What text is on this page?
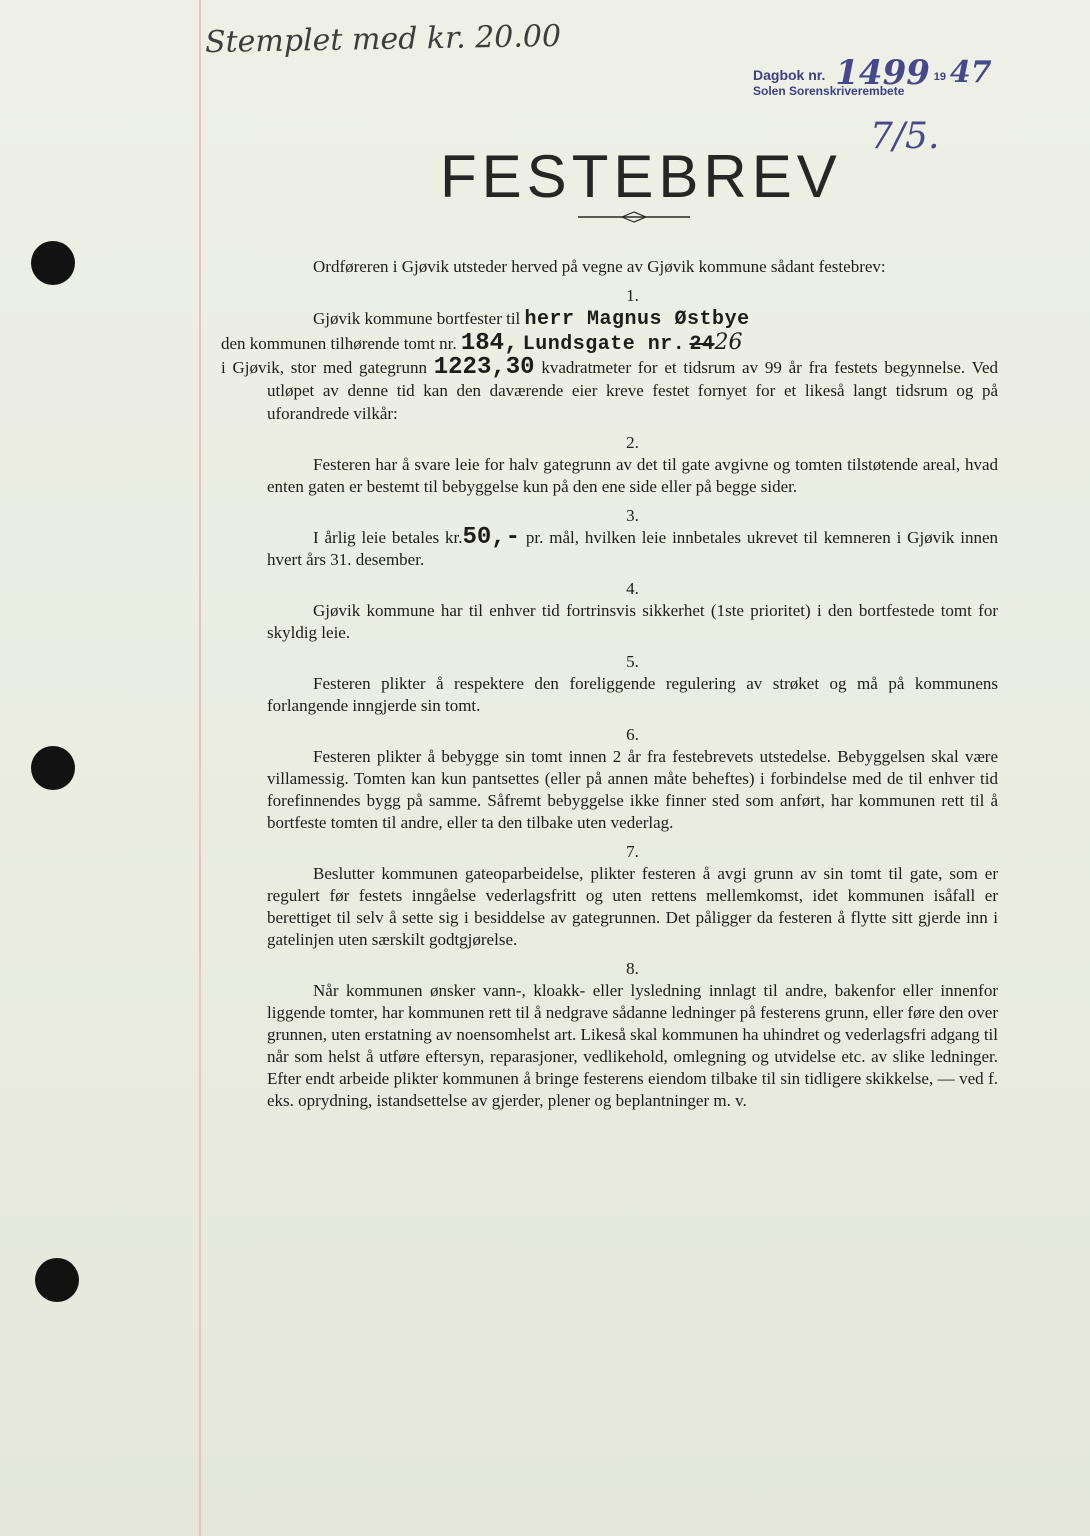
Stemplet med kr. 20.00
Dagbok nr. 1499 19 47
Solen Sorenskriverembete
7/5.
FESTEBREV

Ordføreren i Gjøvik utsteder herved på vegne av Gjøvik kommune sådant festebrev:

1.

Gjøvik kommune bortfester til herr Magnus Østbye
den kommunen tilhørende tomt nr. 184, Lundsgate nr. 2426
i Gjøvik, stor med gategrunn 1223,30 kvadratmeter for et tidsrum av 99 år fra festets begynnelse. Ved utløpet av denne tid kan den daværende eier kreve festet fornyet for et likeså langt tidsrum og på uforandrede vilkår:

2.

Festeren har å svare leie for halv gategrunn av det til gate avgivne og tomten tilstøtende areal, hvad enten gaten er bestemt til bebyggelse kun på den ene side eller på begge sider.

3.

I årlig leie betales kr.50,- pr. mål, hvilken leie innbetales ukrevet til kemneren i Gjøvik innen hvert års 31. desember.

4.

Gjøvik kommune har til enhver tid fortrinsvis sikkerhet (1ste prioritet) i den bortfestede tomt for skyldig leie.

5.

Festeren plikter å respektere den foreliggende regulering av strøket og må på kommunens forlangende inngjerde sin tomt.

6.

Festeren plikter å bebygge sin tomt innen 2 år fra festebrevets utstedelse. Bebyggelsen skal være villamessig. Tomten kan kun pantsettes (eller på annen måte beheftes) i forbindelse med de til enhver tid forefinnendes bygg på samme. Såfremt bebyggelse ikke finner sted som anført, har kommunen rett til å bortfeste tomten til andre, eller ta den tilbake uten vederlag.

7.

Beslutter kommunen gateoparbeidelse, plikter festeren å avgi grunn av sin tomt til gate, som er regulert før festets inngåelse vederlagsfritt og uten rettens mellemkomst, idet kommunen isåfall er berettiget til selv å sette sig i besiddelse av gategrunnen. Det påligger da festeren å flytte sitt gjerde inn i gatelinjen uten særskilt godtgjørelse.

8.

Når kommunen ønsker vann-, kloakk- eller lysledning innlagt til andre, bakenfor eller innenfor liggende tomter, har kommunen rett til å nedgrave sådanne ledninger på festerens grunn, eller føre den over grunnen, uten erstatning av noensomhelst art. Likeså skal kommunen ha uhindret og vederlagsfri adgang til når som helst å utføre eftersyn, reparasjoner, vedlikehold, omlegning og utvidelse etc. av slike ledninger. Efter endt arbeide plikter kommunen å bringe festerens eiendom tilbake til sin tidligere skikkelse, — ved f. eks. oprydning, istandsettelse av gjerder, plener og beplantninger m. v.
